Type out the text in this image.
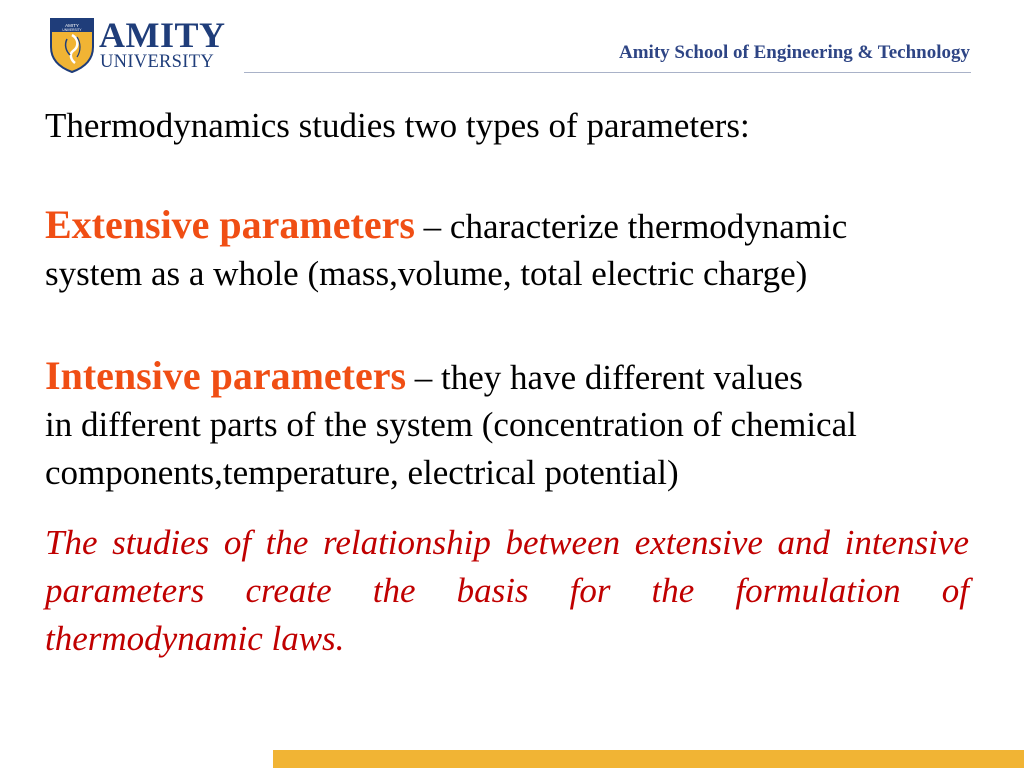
AMITY
UNIVERSITY AMITY
UNIVERSITY	Amity School of Engineering & Technology
Thermodynamics studies two types of parameters:
Extensive parameters – characterize thermodynamic
system as a whole (mass,volume, total electric charge)
Intensive parameters – they have different values
in different parts of the system (concentration of chemical
components,temperature, electrical potential)

The studies of the relationship between extensive and intensive parameters create the basis for the formulation of thermodynamic laws.
